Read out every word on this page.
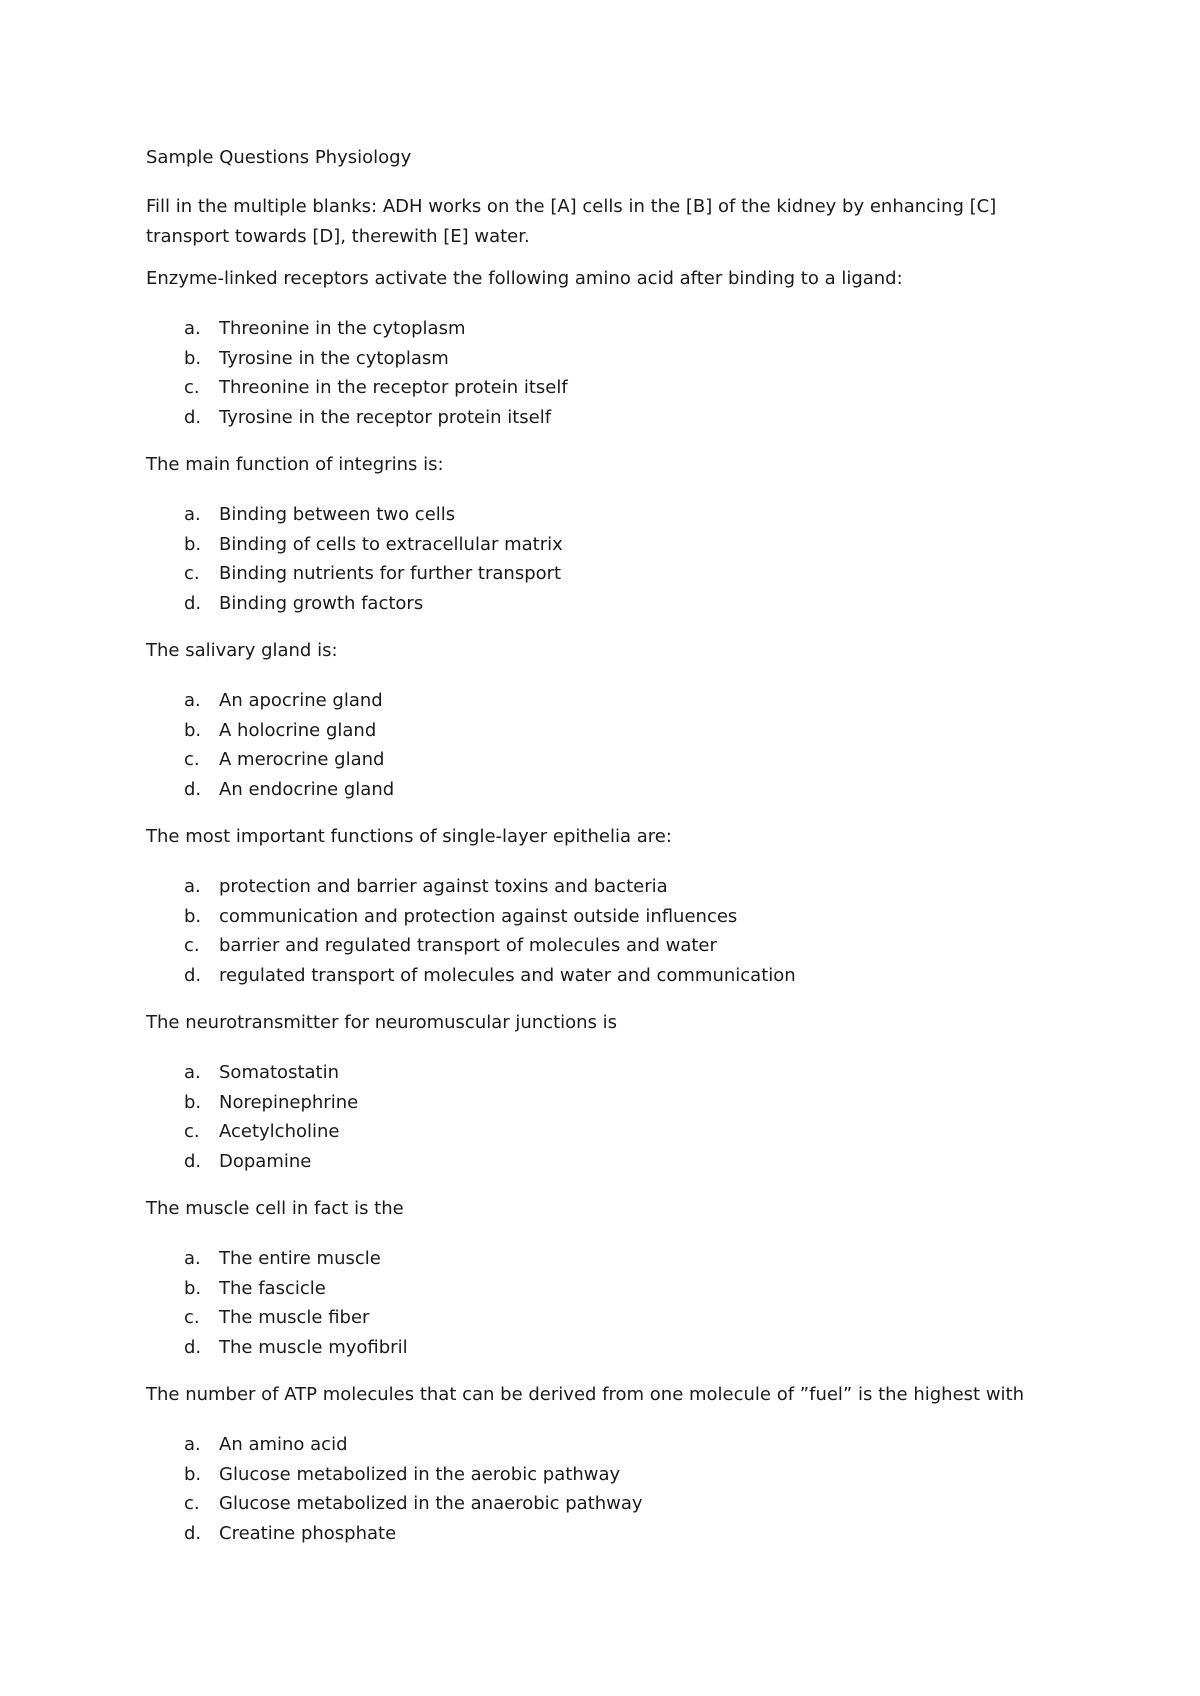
Sample Questions Physiology
Fill in the multiple blanks: ADH works on the [A] cells in the [B] of the kidney by enhancing [C] transport towards [D], therewith [E] water.
Enzyme-linked receptors activate the following amino acid after binding to a ligand:
a. Threonine in the cytoplasm
b. Tyrosine in the cytoplasm
c. Threonine in the receptor protein itself
d. Tyrosine in the receptor protein itself
The main function of integrins is:
a. Binding between two cells
b. Binding of cells to extracellular matrix
c. Binding nutrients for further transport
d. Binding growth factors
The salivary gland is:
a. An apocrine gland
b. A holocrine gland
c. A merocrine gland
d. An endocrine gland
The most important functions of single-layer epithelia are:
a. protection and barrier against toxins and bacteria
b. communication and protection against outside influences
c. barrier and regulated transport of molecules and water
d. regulated transport of molecules and water and communication
The neurotransmitter for neuromuscular junctions is
a. Somatostatin
b. Norepinephrine
c. Acetylcholine
d. Dopamine
The muscle cell in fact is the
a. The entire muscle
b. The fascicle
c. The muscle fiber
d. The muscle myofibril
The number of ATP molecules that can be derived from one molecule of ”fuel” is the highest with
a. An amino acid
b. Glucose metabolized in the aerobic pathway
c. Glucose metabolized in the anaerobic pathway
d. Creatine phosphate
